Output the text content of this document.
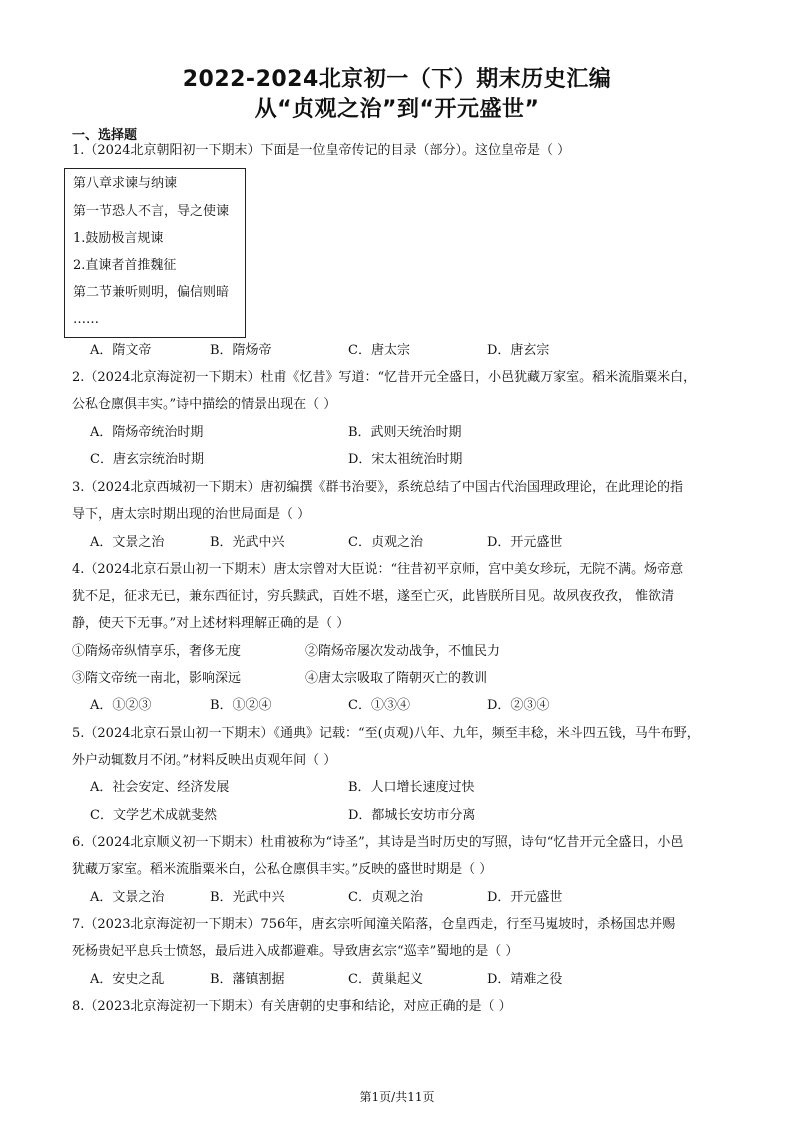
2022-2024北京初一（下）期末历史汇编
从“贞观之治”到“开元盛世”
一、选择题
1.（2024北京朝阳初一下期末）下面是一位皇帝传记的目录（部分）。这位皇帝是（ ）
第八章求谏与纳谏
第一节恐人不言，导之使谏
1.鼓励极言规谏
2.直谏者首推魏征
第二节兼听则明，偏信则暗
……
A．隋文帝	B．隋炀帝	C．唐太宗	D．唐玄宗
2.（2024北京海淀初一下期末）杜甫《忆昔》写道：“忆昔开元全盛日，小邑犹藏万家室。稻米流脂粟米白，
公私仓廪俱丰实。”诗中描绘的情景出现在（ ）
A．隋炀帝统治时期	B．武则天统治时期
C．唐玄宗统治时期	D．宋太祖统治时期
3.（2024北京西城初一下期末）唐初编撰《群书治要》，系统总结了中国古代治国理政理论，在此理论的指
导下，唐太宗时期出现的治世局面是（ ）
A．文景之治	B．光武中兴	C．贞观之治	D．开元盛世
4.（2024北京石景山初一下期末）唐太宗曾对大臣说：“往昔初平京师，宫中美女珍玩，无院不满。炀帝意
犹不足，征求无已，兼东西征讨，穷兵黩武，百姓不堪，遂至亡灭，此皆朕所目见。故夙夜孜孜， 惟欲清
静，使天下无事。”对上述材料理解正确的是（ ）
①隋炀帝纵情享乐，奢侈无度	②隋炀帝屡次发动战争，不恤民力
③隋文帝统一南北，影响深远	④唐太宗吸取了隋朝灭亡的教训
A．①②③	B．①②④	C．①③④	D．②③④
5.（2024北京石景山初一下期末）《通典》记载：“至(贞观)八年、九年，频至丰稔，米斗四五钱，马牛布野，
外户动辄数月不闭。”材料反映出贞观年间（ ）
A．社会安定、经济发展	B．人口增长速度过快
C．文学艺术成就斐然	D．都城长安坊市分离
6.（2024北京顺义初一下期末）杜甫被称为“诗圣”，其诗是当时历史的写照，诗句“忆昔开元全盛日，小邑
犹藏万家室。稻米流脂粟米白，公私仓廪俱丰实。”反映的盛世时期是（ ）
A．文景之治	B．光武中兴	C．贞观之治	D．开元盛世
7.（2023北京海淀初一下期末）756年，唐玄宗听闻潼关陷落，仓皇西走，行至马嵬坡时，杀杨国忠并赐
死杨贵妃平息兵士愤怒，最后进入成都避难。导致唐玄宗“巡幸”蜀地的是（ ）
A．安史之乱	B．藩镇割据	C．黄巢起义	D．靖难之役
8.（2023北京海淀初一下期末）有关唐朝的史事和结论，对应正确的是（ ）
第1页/共11页
